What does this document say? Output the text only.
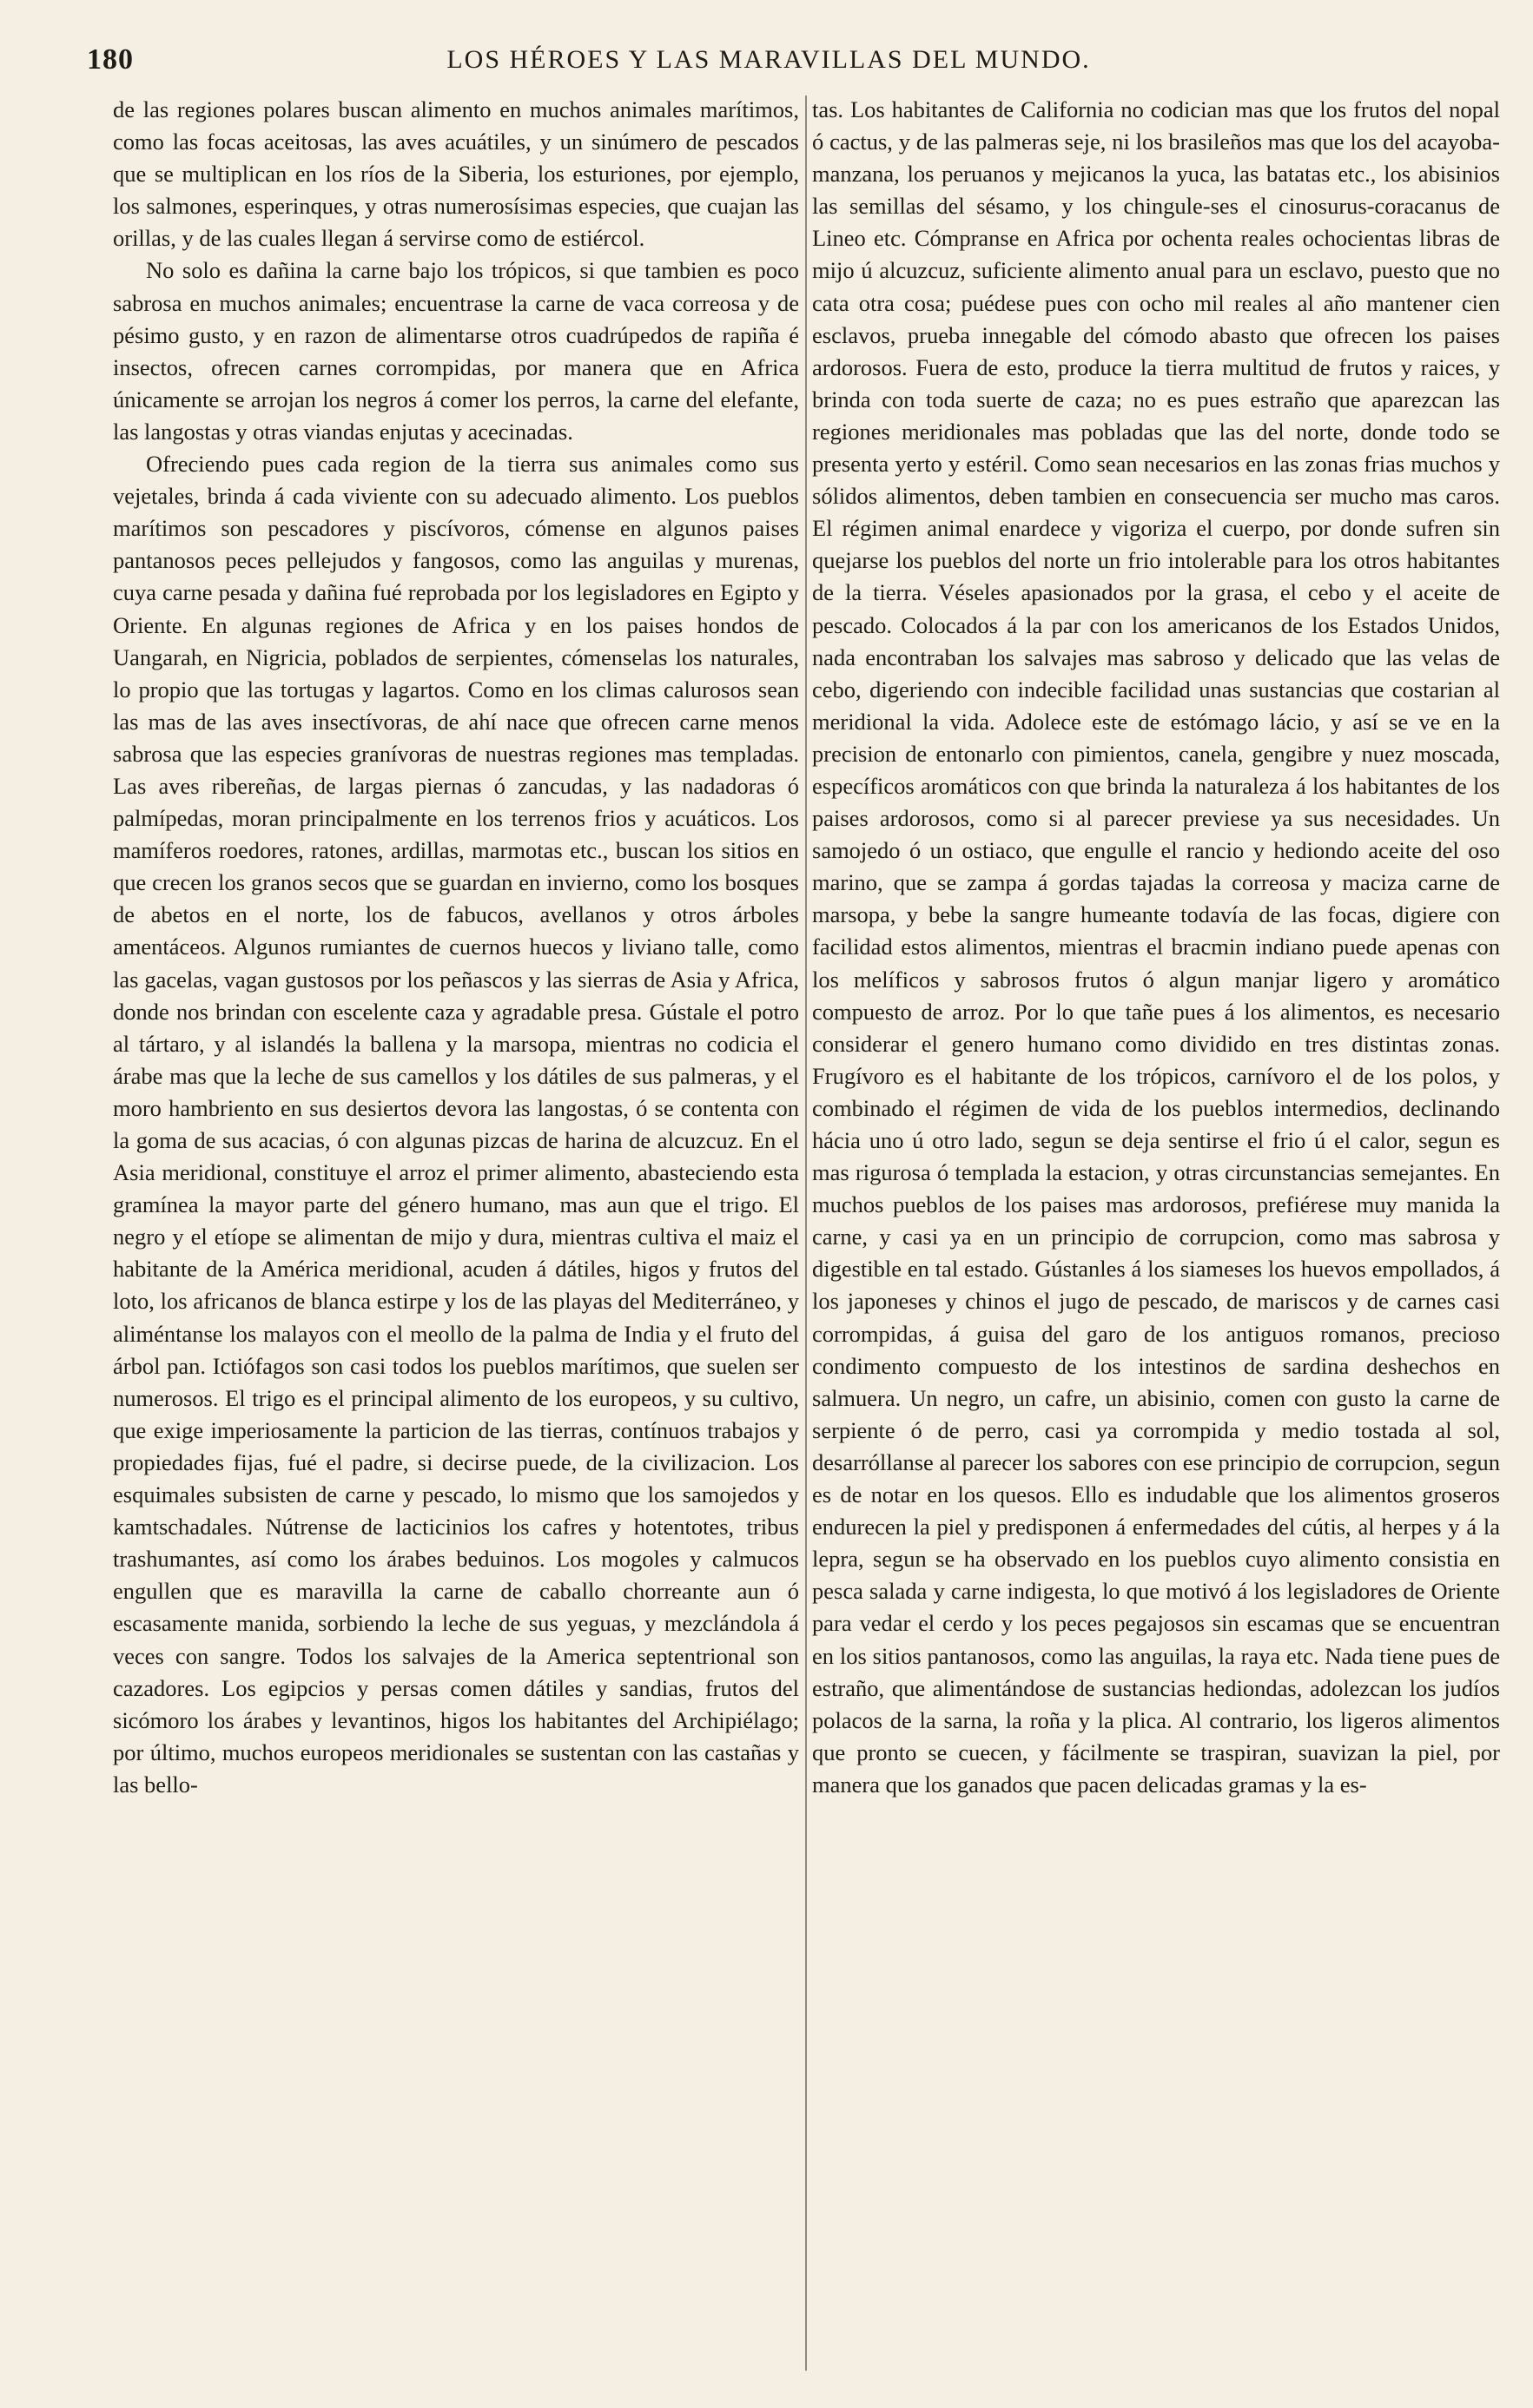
180	LOS HÉROES Y LAS MARAVILLAS DEL MUNDO.

de las regiones polares buscan alimento en muchos animales marítimos, como las focas aceitosas, las aves acuátiles, y un sinúmero de pescados que se multiplican en los ríos de la Siberia, los esturiones, por ejemplo, los salmones, esperinques, y otras numerosísimas especies, que cuajan las orillas, y de las cuales llegan á servirse como de estiércol.

No solo es dañina la carne bajo los trópicos, si que tambien es poco sabrosa en muchos animales; encuentrase la carne de vaca correosa y de pésimo gusto, y en razon de alimentarse otros cuadrúpedos de rapiña é insectos, ofrecen carnes corrompidas, por manera que en Africa únicamente se arrojan los negros á comer los perros, la carne del elefante, las langostas y otras viandas enjutas y acecinadas.

Ofreciendo pues cada region de la tierra sus animales como sus vejetales, brinda á cada viviente con su adecuado alimento. Los pueblos marítimos son pescadores y piscívoros, cómense en algunos paises pantanosos peces pellejudos y fangosos, como las anguilas y murenas, cuya carne pesada y dañina fué reprobada por los legisladores en Egipto y Oriente. En algunas regiones de Africa y en los paises hondos de Uangarah, en Nigricia, poblados de serpientes, cómenselas los naturales, lo propio que las tortugas y lagartos. Como en los climas calurosos sean las mas de las aves insectívoras, de ahí nace que ofrecen carne menos sabrosa que las especies granívoras de nuestras regiones mas templadas. Las aves ribereñas, de largas piernas ó zancudas, y las nadadoras ó palmípedas, moran principalmente en los terrenos frios y acuáticos. Los mamíferos roedores, ratones, ardillas, marmotas etc., buscan los sitios en que crecen los granos secos que se guardan en invierno, como los bosques de abetos en el norte, los de fabucos, avellanos y otros árboles amentáceos. Algunos rumiantes de cuernos huecos y liviano talle, como las gacelas, vagan gustosos por los peñascos y las sierras de Asia y Africa, donde nos brindan con escelente caza y agradable presa. Gústale el potro al tártaro, y al islandés la ballena y la marsopa, mientras no codicia el árabe mas que la leche de sus camellos y los dátiles de sus palmeras, y el moro hambriento en sus desiertos devora las langostas, ó se contenta con la goma de sus acacias, ó con algunas pizcas de harina de alcuzcuz. En el Asia meridional, constituye el arroz el primer alimento, abasteciendo esta gramínea la mayor parte del género humano, mas aun que el trigo. El negro y el etíope se alimentan de mijo y dura, mientras cultiva el maiz el habitante de la América meridional, acuden á dátiles, higos y frutos del loto, los africanos de blanca estirpe y los de las playas del Mediterráneo, y aliméntanse los malayos con el meollo de la palma de India y el fruto del árbol pan. Ictiófagos son casi todos los pueblos marítimos, que suelen ser numerosos. El trigo es el principal alimento de los europeos, y su cultivo, que exige imperiosamente la particion de las tierras, contínuos trabajos y propiedades fijas, fué el padre, si decirse puede, de la civilizacion. Los esquimales subsisten de carne y pescado, lo mismo que los samojedos y kamtschadales. Nútrense de lacticinios los cafres y hotentotes, tribus trashumantes, así como los árabes beduinos. Los mogoles y calmucos engullen que es maravilla la carne de caballo chorreante aun ó escasamente manida, sorbiendo la leche de sus yeguas, y mezclándola á veces con sangre. Todos los salvajes de la America septentrional son cazadores. Los egipcios y persas comen dátiles y sandias, frutos del sicómoro los árabes y levantinos, higos los habitantes del Archipiélago; por último, muchos europeos meridionales se sustentan con las castañas y las bello-

tas. Los habitantes de California no codician mas que los frutos del nopal ó cactus, y de las palmeras seje, ni los brasileños mas que los del acayoba-manzana, los peruanos y mejicanos la yuca, las batatas etc., los abisinios las semillas del sésamo, y los chingule-ses el cinosurus-coracanus de Lineo etc. Cómpranse en Africa por ochenta reales ochocientas libras de mijo ú alcuzcuz, suficiente alimento anual para un esclavo, puesto que no cata otra cosa; puédese pues con ocho mil reales al año mantener cien esclavos, prueba innegable del cómodo abasto que ofrecen los paises ardorosos. Fuera de esto, produce la tierra multitud de frutos y raices, y brinda con toda suerte de caza; no es pues estraño que aparezcan las regiones meridionales mas pobladas que las del norte, donde todo se presenta yerto y estéril. Como sean necesarios en las zonas frias muchos y sólidos alimentos, deben tambien en consecuencia ser mucho mas caros. El régimen animal enardece y vigoriza el cuerpo, por donde sufren sin quejarse los pueblos del norte un frio intolerable para los otros habitantes de la tierra. Véseles apasionados por la grasa, el cebo y el aceite de pescado. Colocados á la par con los americanos de los Estados Unidos, nada encontraban los salvajes mas sabroso y delicado que las velas de cebo, digeriendo con indecible facilidad unas sustancias que costarian al meridional la vida. Adolece este de estómago lácio, y así se ve en la precision de entonarlo con pimientos, canela, gengibre y nuez moscada, específicos aromáticos con que brinda la naturaleza á los habitantes de los paises ardorosos, como si al parecer previese ya sus necesidades. Un samojedo ó un ostiaco, que engulle el rancio y hediondo aceite del oso marino, que se zampa á gordas tajadas la correosa y maciza carne de marsopa, y bebe la sangre humeante todavía de las focas, digiere con facilidad estos alimentos, mientras el bracmin indiano puede apenas con los melíficos y sabrosos frutos ó algun manjar ligero y aromático compuesto de arroz. Por lo que tañe pues á los alimentos, es necesario considerar el genero humano como dividido en tres distintas zonas. Frugívoro es el habitante de los trópicos, carnívoro el de los polos, y combinado el régimen de vida de los pueblos intermedios, declinando hácia uno ú otro lado, segun se deja sentirse el frio ú el calor, segun es mas rigurosa ó templada la estacion, y otras circunstancias semejantes. En muchos pueblos de los paises mas ardorosos, prefiérese muy manida la carne, y casi ya en un principio de corrupcion, como mas sabrosa y digestible en tal estado. Gústanles á los siameses los huevos empollados, á los japoneses y chinos el jugo de pescado, de mariscos y de carnes casi corrompidas, á guisa del garo de los antiguos romanos, precioso condimento compuesto de los intestinos de sardina deshechos en salmuera. Un negro, un cafre, un abisinio, comen con gusto la carne de serpiente ó de perro, casi ya corrompida y medio tostada al sol, desarróllanse al parecer los sabores con ese principio de corrupcion, segun es de notar en los quesos. Ello es indudable que los alimentos groseros endurecen la piel y predisponen á enfermedades del cútis, al herpes y á la lepra, segun se ha observado en los pueblos cuyo alimento consistia en pesca salada y carne indigesta, lo que motivó á los legisladores de Oriente para vedar el cerdo y los peces pegajosos sin escamas que se encuentran en los sitios pantanosos, como las anguilas, la raya etc. Nada tiene pues de estraño, que alimentándose de sustancias hediondas, adolezcan los judíos polacos de la sarna, la roña y la plica. Al contrario, los ligeros alimentos que pronto se cuecen, y fácilmente se traspiran, suavizan la piel, por manera que los ganados que pacen delicadas gramas y la es-
